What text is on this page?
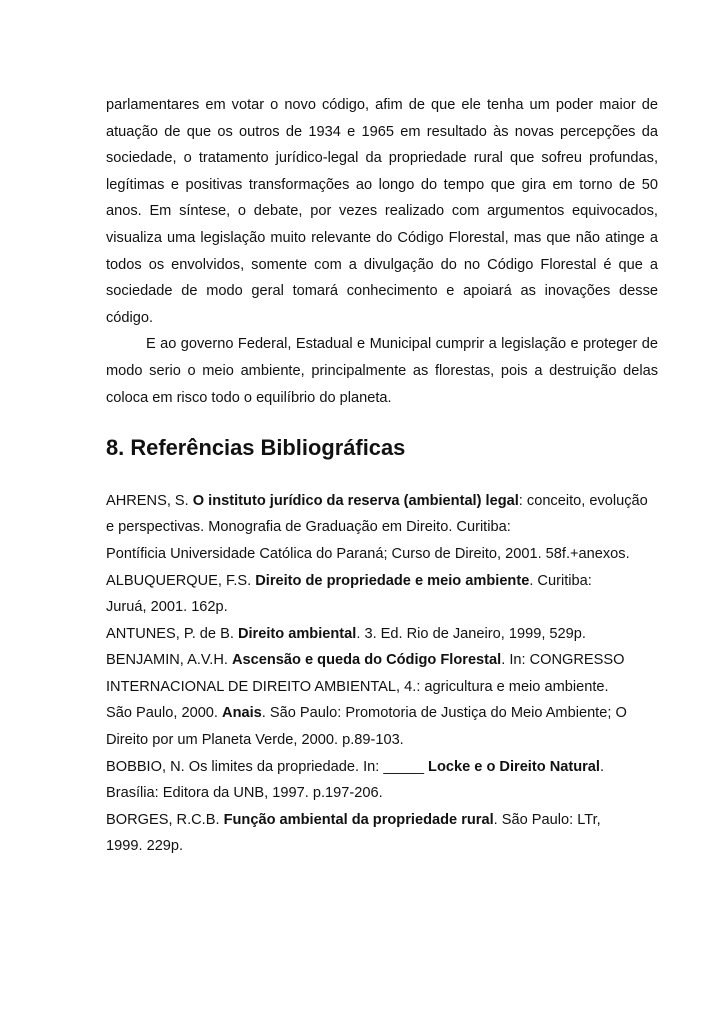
parlamentares em votar o novo código, afim de que ele tenha um poder maior de atuação de que os outros de 1934 e 1965 em resultado às novas percepções da sociedade, o tratamento jurídico-legal da propriedade rural que sofreu profundas, legítimas e positivas transformações ao longo do tempo que gira em torno de 50 anos. Em síntese, o debate, por vezes realizado com argumentos equivocados, visualiza uma legislação muito relevante do Código Florestal, mas que não atinge a todos os envolvidos, somente com a divulgação do no Código Florestal é que a sociedade de modo geral tomará conhecimento e apoiará as inovações desse código.

E ao governo Federal, Estadual e Municipal cumprir a legislação e proteger de modo serio o meio ambiente, principalmente as florestas, pois a destruição delas coloca em risco todo o equilíbrio do planeta.

8. Referências Bibliográficas

AHRENS, S. O instituto jurídico da reserva (ambiental) legal: conceito, evolução

e perspectivas. Monografia de Graduação em Direito. Curitiba:

Pontíficia Universidade Católica do Paraná; Curso de Direito, 2001. 58f.+anexos.

ALBUQUERQUE, F.S. Direito de propriedade e meio ambiente. Curitiba:

Juruá, 2001. 162p.

ANTUNES, P. de B. Direito ambiental. 3. Ed. Rio de Janeiro, 1999, 529p.

BENJAMIN, A.V.H. Ascensão e queda do Código Florestal. In: CONGRESSO

INTERNACIONAL DE DIREITO AMBIENTAL, 4.: agricultura e meio ambiente.

São Paulo, 2000. Anais. São Paulo: Promotoria de Justiça do Meio Ambiente; O

Direito por um Planeta Verde, 2000. p.89-103.

BOBBIO, N. Os limites da propriedade. In: _____ Locke e o Direito Natural.

Brasília: Editora da UNB, 1997. p.197-206.

BORGES, R.C.B. Função ambiental da propriedade rural. São Paulo: LTr,

1999. 229p.
